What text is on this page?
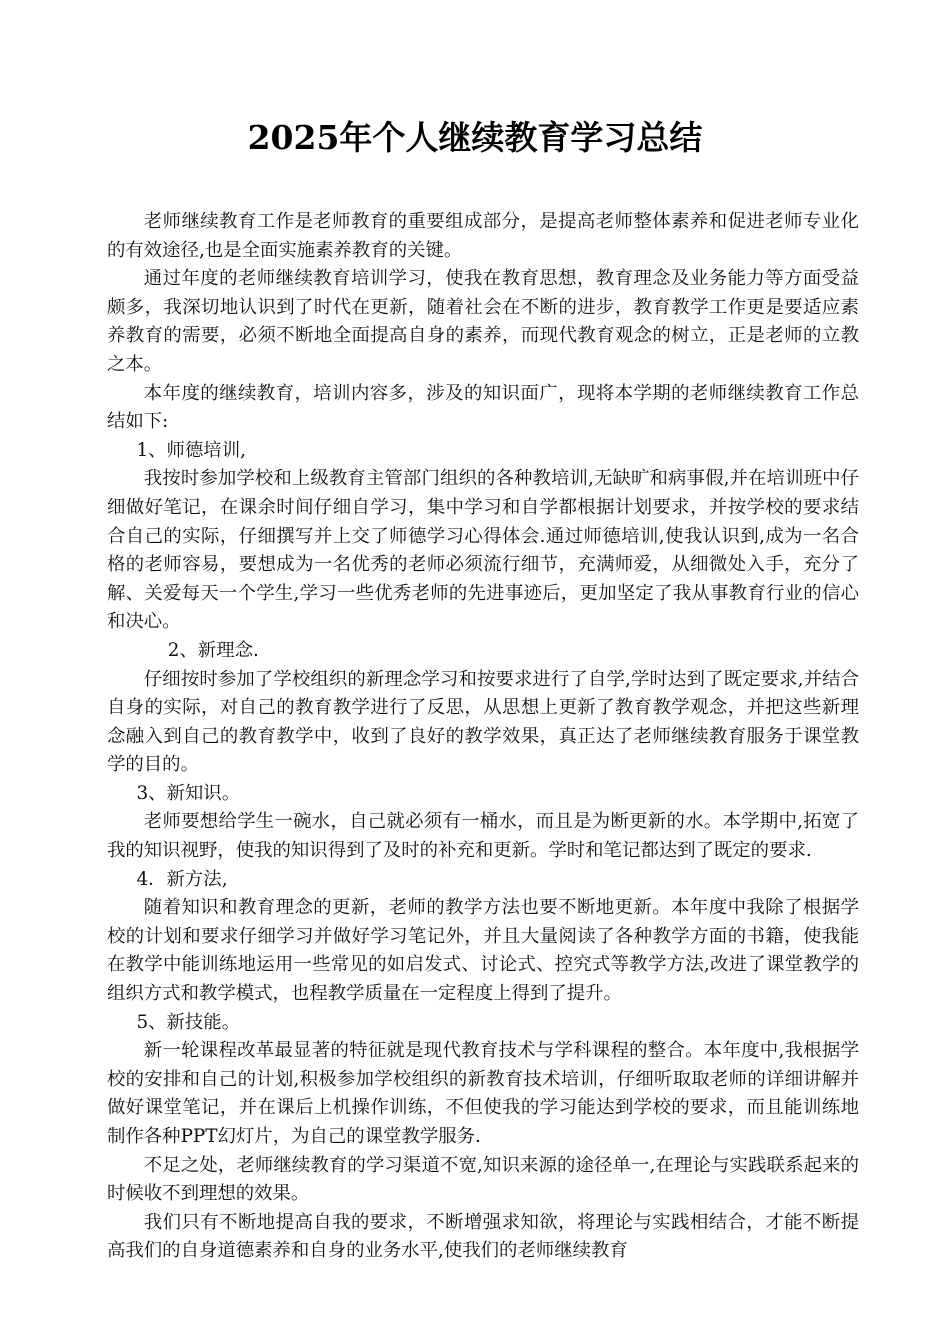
2025年个人继续教育学习总结

老师继续教育工作是老师教育的重要组成部分，是提高老师整体素养和促进老师专业化的有效途径,也是全面实施素养教育的关键。

通过年度的老师继续教育培训学习，使我在教育思想，教育理念及业务能力等方面受益颇多，我深切地认识到了时代在更新，随着社会在不断的进步，教育教学工作更是要适应素养教育的需要，必须不断地全面提高自身的素养，而现代教育观念的树立，正是老师的立教之本。

本年度的继续教育，培训内容多，涉及的知识面广，现将本学期的老师继续教育工作总结如下:

1、师德培训,

我按时参加学校和上级教育主管部门组织的各种教培训,无缺旷和病事假,并在培训班中仔细做好笔记，在课余时间仔细自学习，集中学习和自学都根据计划要求，并按学校的要求结合自己的实际，仔细撰写并上交了师德学习心得体会.通过师德培训,使我认识到,成为一名合格的老师容易，要想成为一名优秀的老师必须流行细节，充满师爱，从细微处入手，充分了解、关爱每天一个学生,学习一些优秀老师的先进事迹后，更加坚定了我从事教育行业的信心和决心。

2、新理念.

仔细按时参加了学校组织的新理念学习和按要求进行了自学,学时达到了既定要求,并结合自身的实际，对自己的教育教学进行了反思，从思想上更新了教育教学观念，并把这些新理念融入到自己的教育教学中，收到了良好的教学效果，真正达了老师继续教育服务于课堂教学的目的。

3、新知识。

老师要想给学生一碗水，自己就必须有一桶水，而且是为断更新的水。本学期中,拓宽了我的知识视野，使我的知识得到了及时的补充和更新。学时和笔记都达到了既定的要求.

4．新方法,

随着知识和教育理念的更新，老师的教学方法也要不断地更新。本年度中我除了根据学校的计划和要求仔细学习并做好学习笔记外，并且大量阅读了各种教学方面的书籍，使我能在教学中能训练地运用一些常见的如启发式、讨论式、控究式等教学方法,改进了课堂教学的组织方式和教学模式，也程教学质量在一定程度上得到了提升。

5、新技能。

新一轮课程改革最显著的特征就是现代教育技术与学科课程的整合。本年度中,我根据学校的安排和自己的计划,积极参加学校组织的新教育技术培训，仔细听取取老师的详细讲解并做好课堂笔记，并在课后上机操作训练，不但使我的学习能达到学校的要求，而且能训练地制作各种PPT幻灯片，为自己的课堂教学服务.

不足之处，老师继续教育的学习渠道不宽,知识来源的途径单一,在理论与实践联系起来的时候收不到理想的效果。

我们只有不断地提高自我的要求，不断增强求知欲，将理论与实践相结合，才能不断提高我们的自身道德素养和自身的业务水平,使我们的老师继续教育
